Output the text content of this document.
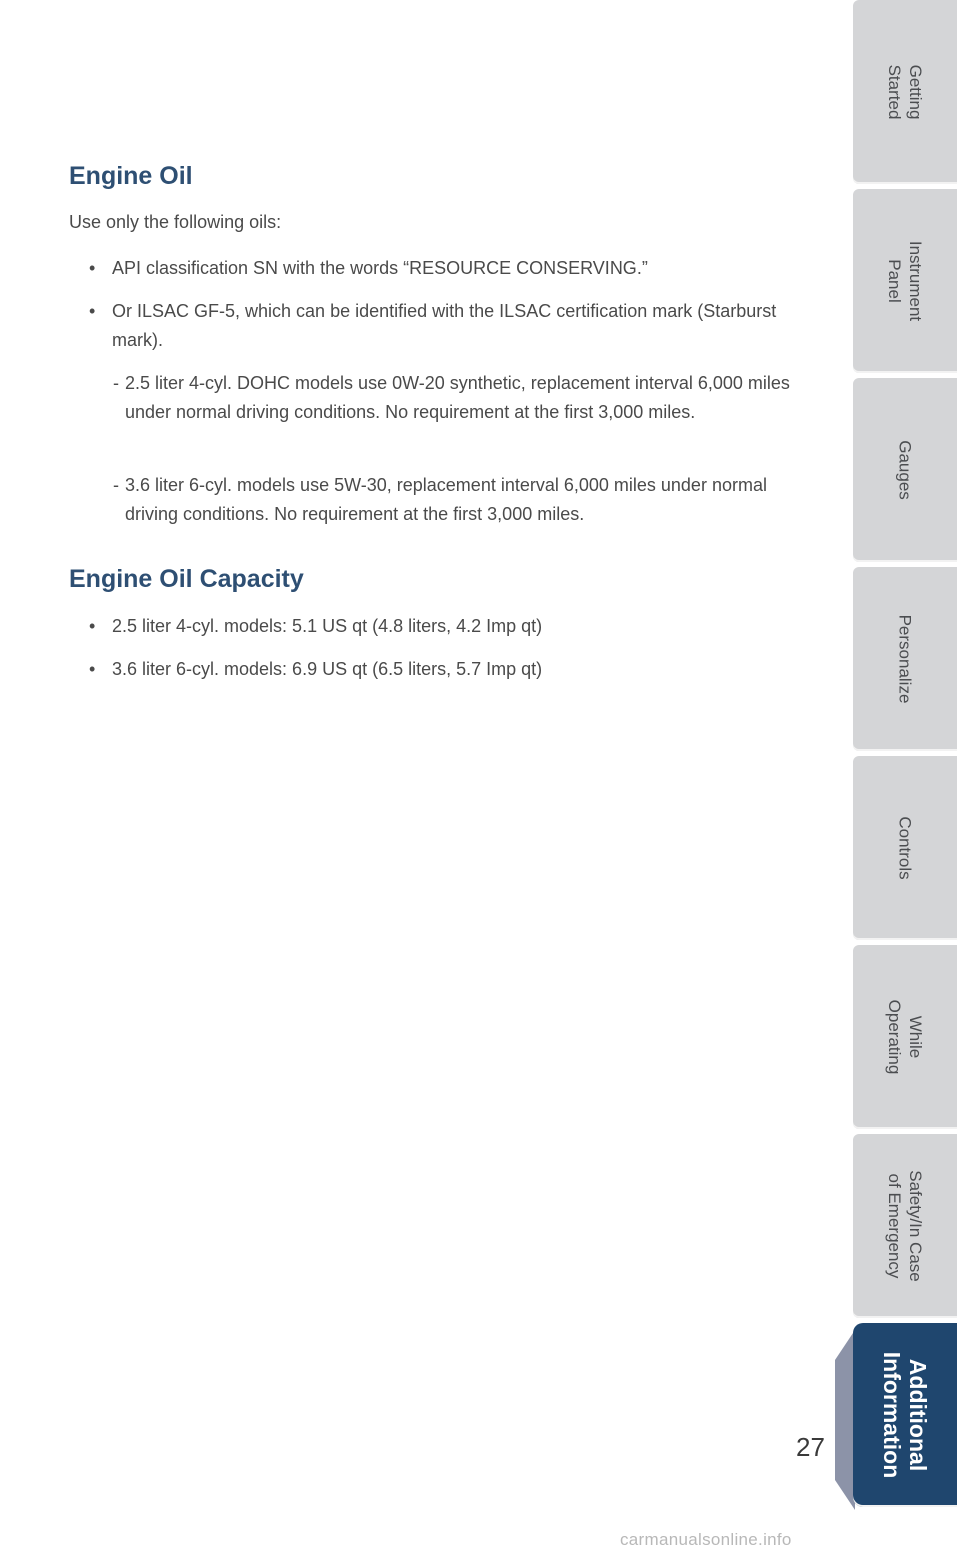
Engine Oil

Use only the following oils:

• API classification SN with the words “RESOURCE CONSERVING.”
• Or ILSAC GF-5, which can be identified with the ILSAC certification mark (Starburst mark).
- 2.5 liter 4-cyl. DOHC models use 0W-20 synthetic, replacement interval 6,000 miles under normal driving conditions. No requirement at the first 3,000 miles.
- 3.6 liter 6-cyl. models use 5W-30, replacement interval 6,000 miles under normal driving conditions. No requirement at the first 3,000 miles.
Engine Oil Capacity
• 2.5 liter 4-cyl. models: 5.1 US qt (4.8 liters, 4.2 Imp qt)
• 3.6 liter 6-cyl. models: 6.9 US qt (6.5 liters, 5.7 Imp qt)
Getting
Started
Instrument
Panel
Gauges
Personalize
Controls
While
Operating
Safety/In Case
of Emergency
Additional
Information
27
carmanualsonline.info
